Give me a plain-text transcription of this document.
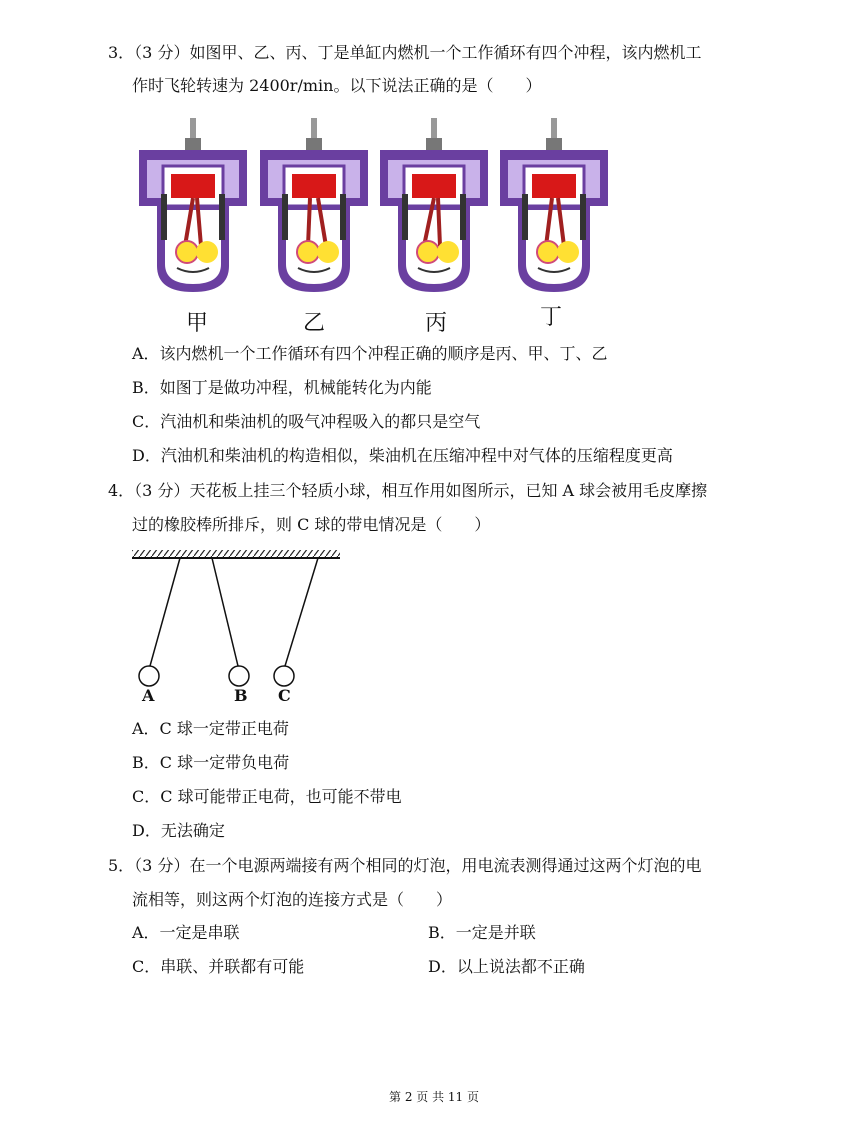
3．（3 分）如图甲、乙、丙、丁是单缸内燃机一个工作循环有四个冲程，该内燃机工
作时飞轮转速为 2400r/min。以下说法正确的是（　　）
甲	乙	丙	丁
A．该内燃机一个工作循环有四个冲程正确的顺序是丙、甲、丁、乙
B．如图丁是做功冲程，机械能转化为内能
C．汽油机和柴油机的吸气冲程吸入的都只是空气
D．汽油机和柴油机的构造相似，柴油机在压缩冲程中对气体的压缩程度更高
4．（3 分）天花板上挂三个轻质小球，相互作用如图所示，已知 A 球会被用毛皮摩擦
过的橡胶棒所排斥，则 C 球的带电情况是（　　）
A	B C
A．C 球一定带正电荷
B．C 球一定带负电荷
C．C 球可能带正电荷，也可能不带电
D．无法确定
5．（3 分）在一个电源两端接有两个相同的灯泡，用电流表测得通过这两个灯泡的电
流相等，则这两个灯泡的连接方式是（　　）
A．一定是串联	B．一定是并联
C．串联、并联都有可能	D．以上说法都不正确
第 2 页 共 11 页
